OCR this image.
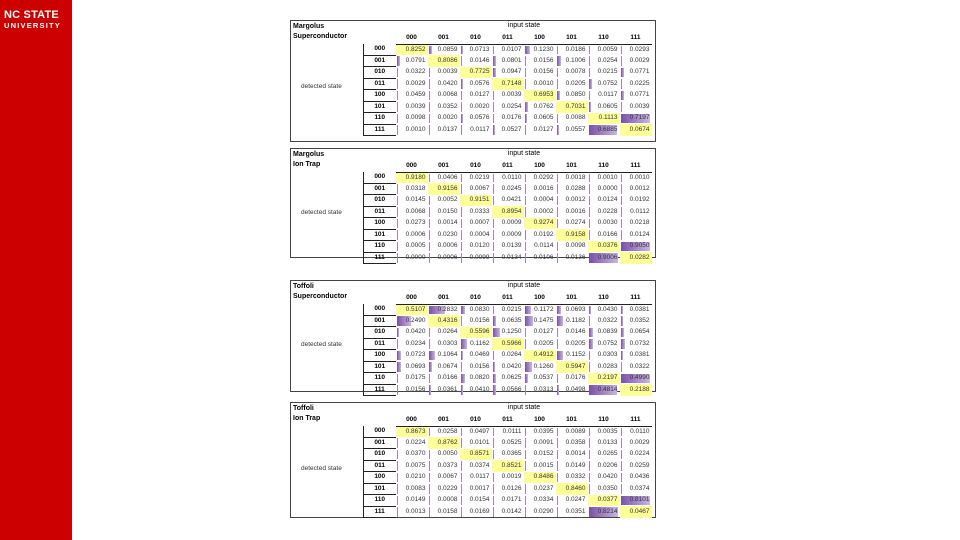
NC STATE
UNIVERSITY	Margolus
Superconductor
input state
detected state
	000	001	010	011	100	101	110	111
000	0.8252	0.0859	0.0713	0.0107	0.1230	0.0186	0.0059	0.0293
001	0.0791	0.8086	0.0146	0.0801	0.0156	0.1006	0.0254	0.0029
010	0.0322	0.0039	0.7725	0.0947	0.0156	0.0078	0.0215	0.0771
011	0.0029	0.0420	0.0576	0.7148	0.0010	0.0205	0.0752	0.0225
100	0.0459	0.0068	0.0127	0.0039	0.6953	0.0850	0.0117	0.0771
101	0.0039	0.0352	0.0020	0.0254	0.0762	0.7031	0.0605	0.0039
110	0.0098	0.0020	0.0576	0.0176	0.0605	0.0088	0.1113	0.7197
111	0.0010	0.0137	0.0117	0.0527	0.0127	0.0557	0.6885	0.0674
Margolus
Ion Trap
input state
detected state
	000	001	010	011	100	101	110	111
000	0.9180	0.0406	0.0219	0.0110	0.0292	0.0018	0.0010	0.0010
001	0.0318	0.9156	0.0067	0.0245	0.0016	0.0288	0.0000	0.0012
010	0.0145	0.0052	0.9151	0.0421	0.0004	0.0012	0.0124	0.0192
011	0.0068	0.0150	0.0333	0.8954	0.0002	0.0016	0.0228	0.0112
100	0.0273	0.0014	0.0007	0.0009	0.9274	0.0274	0.0030	0.0218
101	0.0006	0.0230	0.0004	0.0009	0.0192	0.9158	0.0166	0.0124
110	0.0005	0.0006	0.0120	0.0139	0.0114	0.0098	0.0376	0.9050
111	0.0000	0.0006	0.0099	0.0134	0.0106	0.0136	0.9006	0.0282
Toffoli
Superconductor
input state
detected state
	000	001	010	011	100	101	110	111
000	0.5107	0.2832	0.0830	0.0215	0.1172	0.0693	0.0430	0.0381
001	0.2490	0.4316	0.0156	0.0635	0.1475	0.1182	0.0322	0.0352
010	0.0420	0.0264	0.5596	0.1250	0.0127	0.0146	0.0839	0.0654
011	0.0234	0.0303	0.1162	0.5966	0.0205	0.0205	0.0752	0.0732
100	0.0723	0.1064	0.0469	0.0264	0.4912	0.1152	0.0303	0.0381
101	0.0693	0.0674	0.0156	0.0420	0.1260	0.5947	0.0283	0.0322
110	0.0175	0.0166	0.0820	0.0625	0.0537	0.0176	0.2197	0.4990
111	0.0156	0.0361	0.0410	0.0566	0.0313	0.0498	0.4814	0.2188
Toffoli
Ion Trap
input state
detected state
	000	001	010	011	100	101	110	111
000	0.8673	0.0258	0.0497	0.0111	0.0395	0.0089	0.0035	0.0110
001	0.0224	0.8762	0.0101	0.0525	0.0091	0.0358	0.0133	0.0029
010	0.0370	0.0050	0.8571	0.0365	0.0152	0.0014	0.0265	0.0224
011	0.0075	0.0373	0.0374	0.8521	0.0015	0.0149	0.0206	0.0259
100	0.0210	0.0067	0.0117	0.0019	0.8486	0.0332	0.0420	0.0436
101	0.0083	0.0229	0.0017	0.0126	0.0237	0.8460	0.0350	0.0374
110	0.0149	0.0008	0.0154	0.0171	0.0334	0.0247	0.0377	0.8101
111	0.0013	0.0158	0.0169	0.0142	0.0290	0.0351	0.8214	0.0467
